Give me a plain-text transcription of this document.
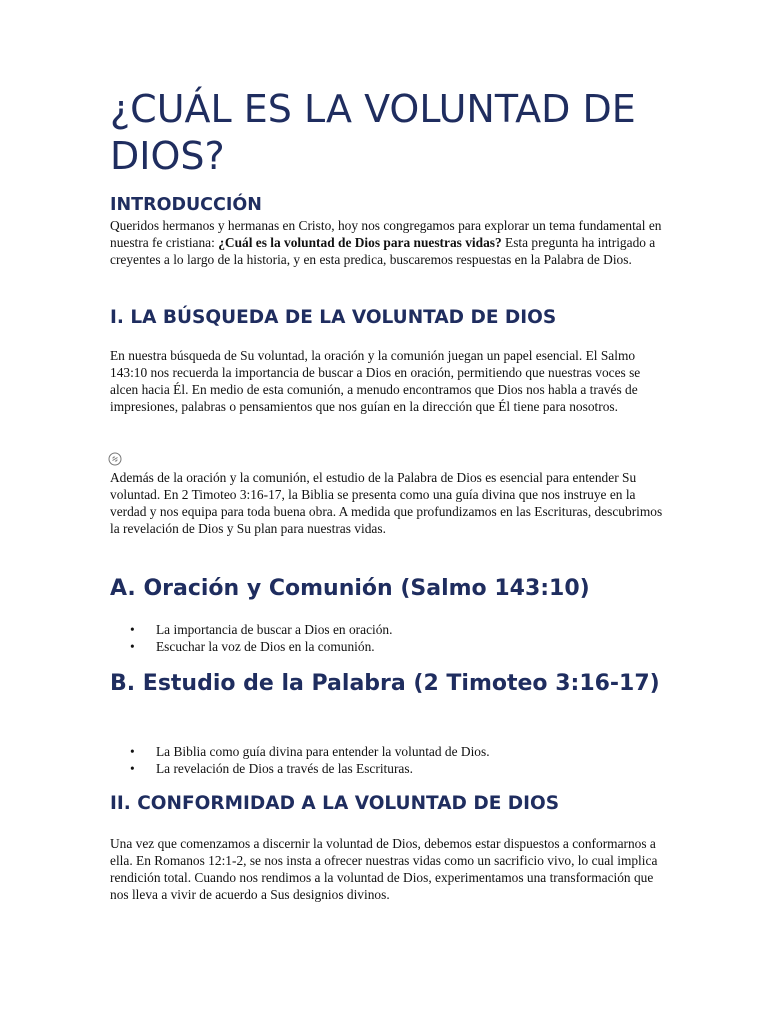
¿CUÁL ES LA VOLUNTAD DE DIOS?
INTRODUCCIÓN

Queridos hermanos y hermanas en Cristo, hoy nos congregamos para explorar un tema fundamental en nuestra fe cristiana: ¿Cuál es la voluntad de Dios para nuestras vidas? Esta pregunta ha intrigado a creyentes a lo largo de la historia, y en esta predica, buscaremos respuestas en la Palabra de Dios.

I. LA BÚSQUEDA DE LA VOLUNTAD DE DIOS

En nuestra búsqueda de Su voluntad, la oración y la comunión juegan un papel esencial. El Salmo 143:10 nos recuerda la importancia de buscar a Dios en oración, permitiendo que nuestras voces se alcen hacia Él. En medio de esta comunión, a menudo encontramos que Dios nos habla a través de impresiones, palabras o pensamientos que nos guían en la dirección que Él tiene para nosotros.

Además de la oración y la comunión, el estudio de la Palabra de Dios es esencial para entender Su voluntad. En 2 Timoteo 3:16-17, la Biblia se presenta como una guía divina que nos instruye en la verdad y nos equipa para toda buena obra. A medida que profundizamos en las Escrituras, descubrimos la revelación de Dios y Su plan para nuestras vidas.

A. Oración y Comunión (Salmo 143:10)
• La importancia de buscar a Dios en oración.
• Escuchar la voz de Dios en la comunión.
B. Estudio de la Palabra (2 Timoteo 3:16-17)
• La Biblia como guía divina para entender la voluntad de Dios.
• La revelación de Dios a través de las Escrituras.
II. CONFORMIDAD A LA VOLUNTAD DE DIOS

Una vez que comenzamos a discernir la voluntad de Dios, debemos estar dispuestos a conformarnos a ella. En Romanos 12:1-2, se nos insta a ofrecer nuestras vidas como un sacrificio vivo, lo cual implica rendición total. Cuando nos rendimos a la voluntad de Dios, experimentamos una transformación que nos lleva a vivir de acuerdo a Sus designios divinos.
